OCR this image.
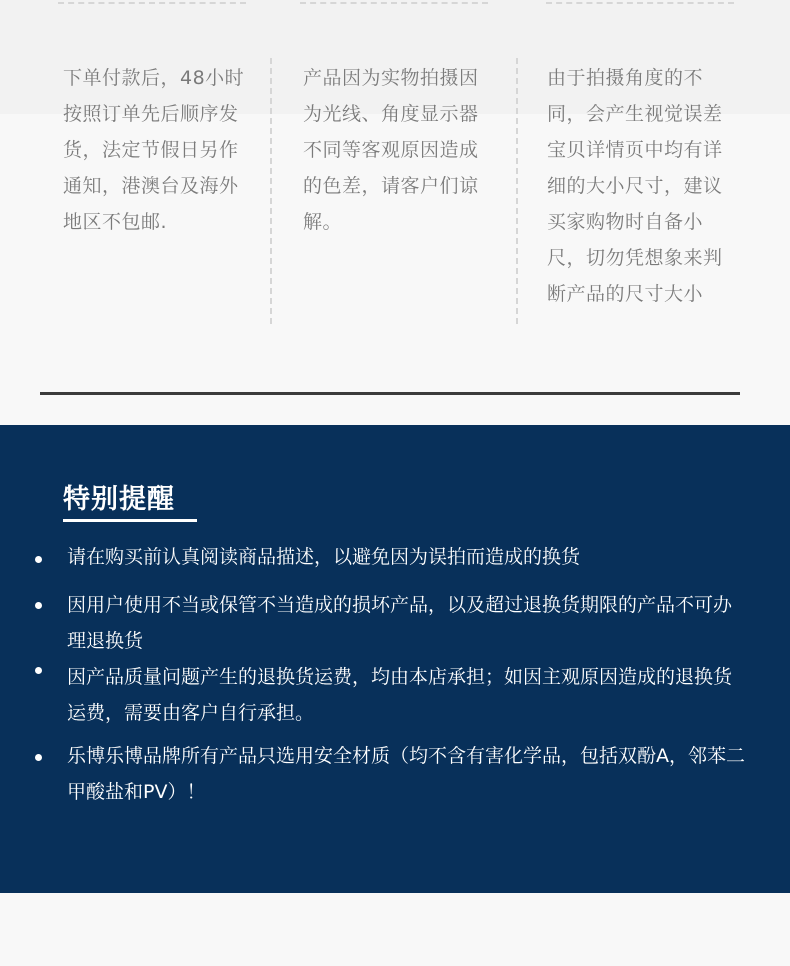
下单付款后，48小时按照订单先后顺序发货，法定节假日另作通知，港澳台及海外地区不包邮.
产品因为实物拍摄因为光线、角度显示器不同等客观原因造成的色差，请客户们谅解。
由于拍摄角度的不同，会产生视觉误差宝贝详情页中均有详细的大小尺寸，建议买家购物时自备小尺，切勿凭想象来判断产品的尺寸大小
特别提醒
请在购买前认真阅读商品描述，以避免因为误拍而造成的换货
因用户使用不当或保管不当造成的损坏产品，以及超过退换货期限的产品不可办理退换货
因产品质量问题产生的退换货运费，均由本店承担；如因主观原因造成的退换货运费，需要由客户自行承担。
乐博乐博品牌所有产品只选用安全材质（均不含有害化学品，包括双酚A，邻苯二甲酸盐和PV）！
